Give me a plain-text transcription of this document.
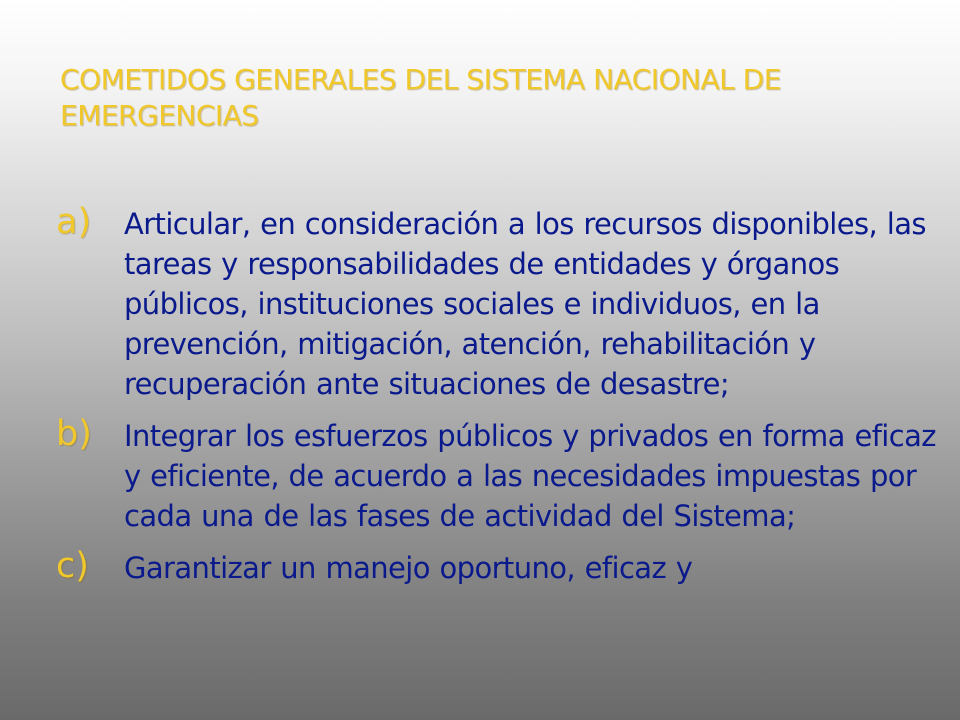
COMETIDOS GENERALES DEL SISTEMA NACIONAL DE EMERGENCIAS
a) Articular, en consideración a los recursos disponibles, las tareas y responsabilidades de entidades y órganos públicos, instituciones sociales e individuos, en la prevención, mitigación, atención, rehabilitación y recuperación ante situaciones de desastre;
b) Integrar los esfuerzos públicos y privados en forma eficaz y eficiente, de acuerdo a las necesidades impuestas por cada una de las fases de actividad del Sistema;
c) Garantizar un manejo oportuno, eficaz y
